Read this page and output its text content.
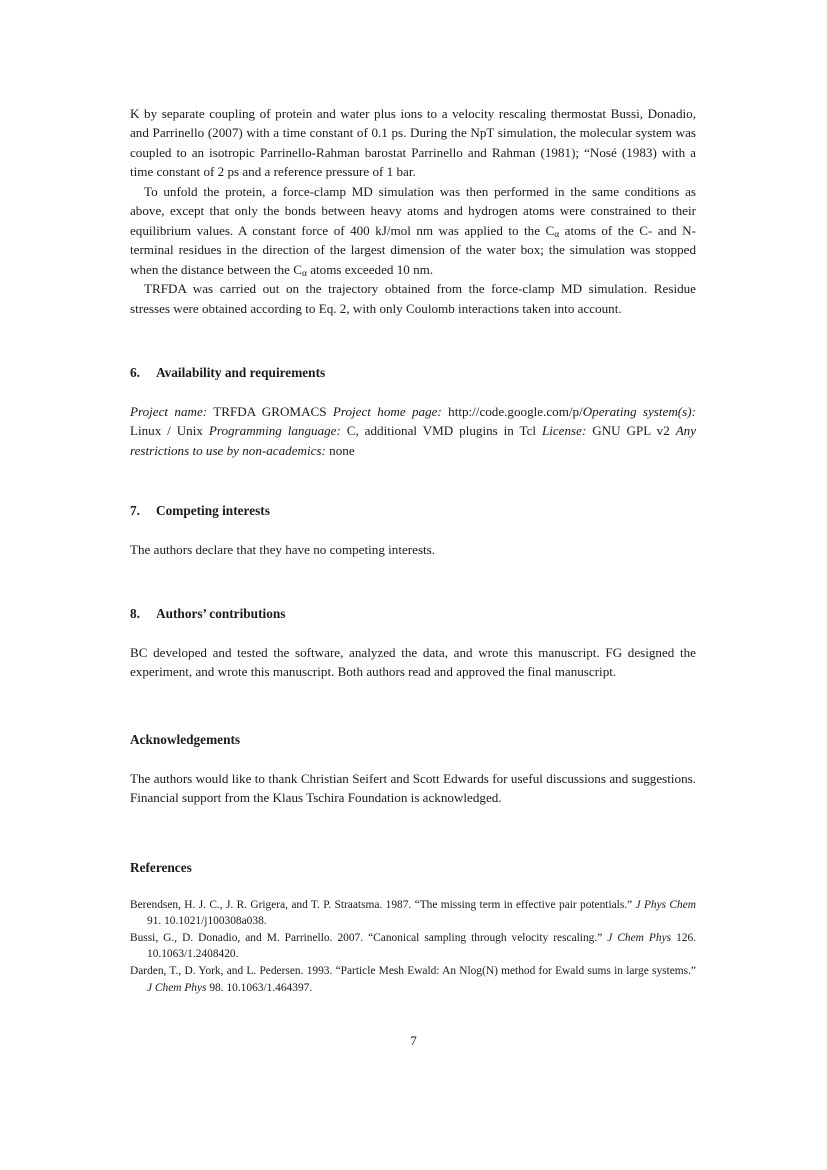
K by separate coupling of protein and water plus ions to a velocity rescaling thermostat Bussi, Donadio, and Parrinello (2007) with a time constant of 0.1 ps. During the NpT simulation, the molecular system was coupled to an isotropic Parrinello-Rahman barostat Parrinello and Rahman (1981); “Nosé (1983) with a time constant of 2 ps and a reference pressure of 1 bar.
To unfold the protein, a force-clamp MD simulation was then performed in the same conditions as above, except that only the bonds between heavy atoms and hydrogen atoms were constrained to their equilibrium values. A constant force of 400 kJ/mol nm was applied to the $C_\alpha$ atoms of the C- and N-terminal residues in the direction of the largest dimension of the water box; the simulation was stopped when the distance between the $C_\alpha$ atoms exceeded 10 nm.
TRFDA was carried out on the trajectory obtained from the force-clamp MD simulation. Residue stresses were obtained according to Eq. 2, with only Coulomb interactions taken into account.
6. Availability and requirements
Project name: TRFDA GROMACS Project home page: http://code.google.com/p/Operating system(s): Linux / Unix Programming language: C, additional VMD plugins in Tcl License: GNU GPL v2 Any restrictions to use by non-academics: none
7. Competing interests
The authors declare that they have no competing interests.
8. Authors’ contributions
BC developed and tested the software, analyzed the data, and wrote this manuscript. FG designed the experiment, and wrote this manuscript. Both authors read and approved the final manuscript.
Acknowledgements
The authors would like to thank Christian Seifert and Scott Edwards for useful discussions and suggestions. Financial support from the Klaus Tschira Foundation is acknowledged.
References
Berendsen, H. J. C., J. R. Grigera, and T. P. Straatsma. 1987. “The missing term in effective pair potentials.” J Phys Chem 91. 10.1021/j100308a038.
Bussi, G., D. Donadio, and M. Parrinello. 2007. “Canonical sampling through velocity rescaling.” J Chem Phys 126. 10.1063/1.2408420.
Darden, T., D. York, and L. Pedersen. 1993. “Particle Mesh Ewald: An Nlog(N) method for Ewald sums in large systems.” J Chem Phys 98. 10.1063/1.464397.
7
